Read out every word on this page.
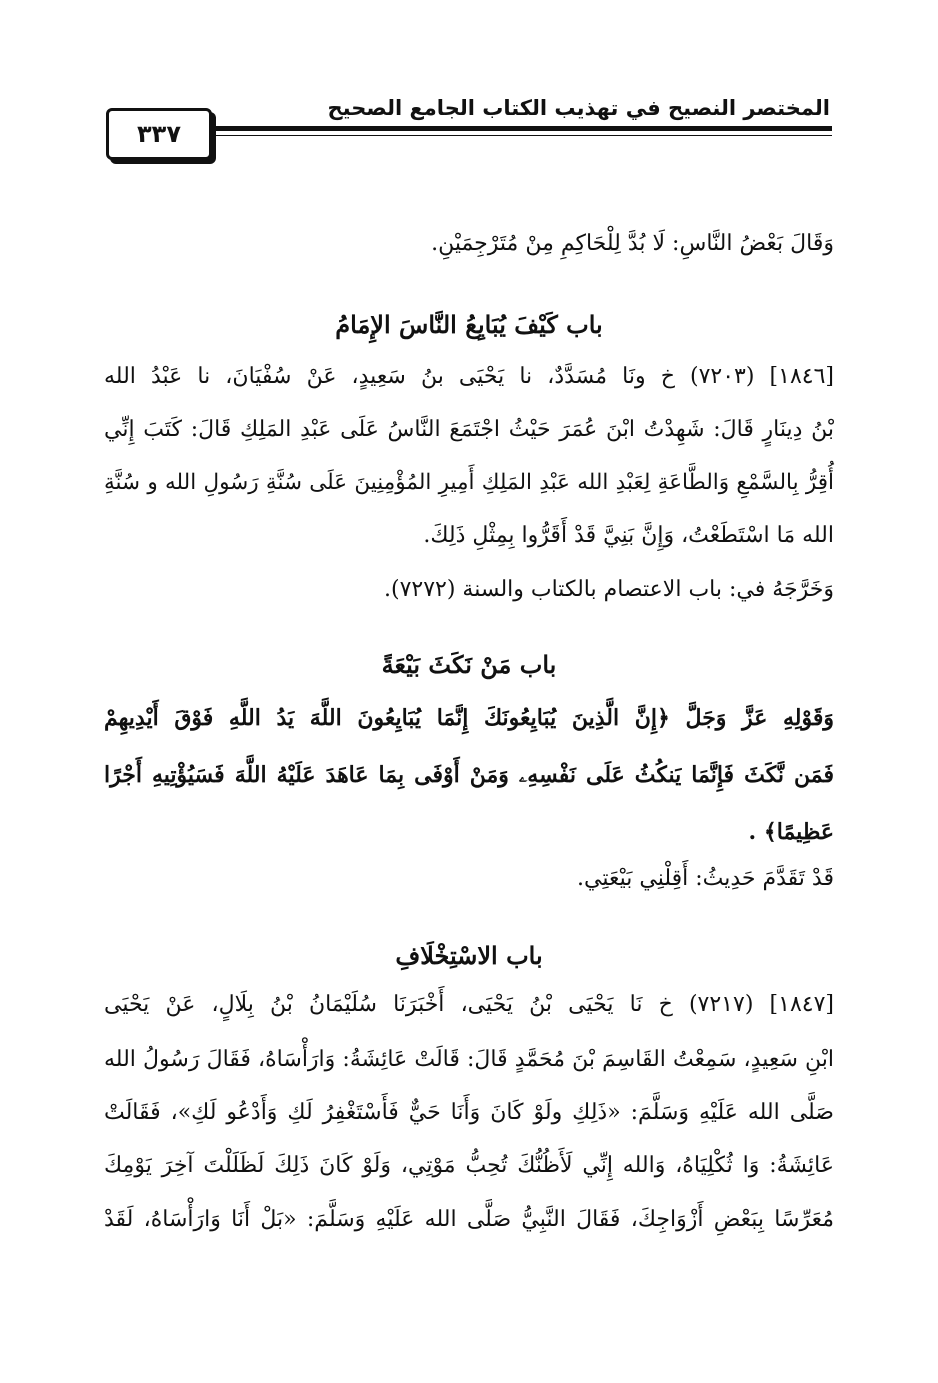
المختصر النصيح في تهذيب الكتاب الجامع الصحيح
٣٣٧
وَقَالَ بَعْضُ النَّاسِ: لَا بُدَّ لِلْحَاكِمِ مِنْ مُتَرْجِمَيْنِ.
باب كَيْفَ يُبَايِعُ النَّاسَ الإِمَامُ
[١٨٤٦] (٧٢٠٣) خ ونَا مُسَدَّدٌ، نا يَحْيَى بنُ سَعِيدٍ، عَنْ سُفْيَانَ، نا عَبْدُ الله
بْنُ دِينَارٍ قَالَ: شَهِدْتُ ابْنَ عُمَرَ حَيْثُ اجْتَمَعَ النَّاسُ عَلَى عَبْدِ المَلِكِ قَالَ: كَتَبَ إِنِّي
أُقِرُّ بِالسَّمْعِ وَالطَّاعَةِ لِعَبْدِ الله عَبْدِ المَلِكِ أَمِيرِ المُؤْمِنِينَ عَلَى سُنَّةِ رَسُولِ الله و سُنَّةِ
الله مَا اسْتَطَعْتُ، وَإِنَّ بَنِيَّ قَدْ أَقَرُّوا بِمِثْلِ ذَلِكَ.
وَخَرَّجَهُ في: باب الاعتصام بالكتاب والسنة (٧٢٧٢).
باب مَنْ نَكَثَ بَيْعَةً
وَقَوْلِهِ عَزَّ وَجَلَّ ﴿إِنَّ الَّذِينَ يُبَايِعُونَكَ إِنَّمَا يُبَايِعُونَ اللَّهَ يَدُ اللَّهِ فَوْقَ أَيْدِيهِمْ
فَمَن نَّكَثَ فَإِنَّمَا يَنكُثُ عَلَى نَفْسِهِۦ وَمَنْ أَوْفَى بِمَا عَاهَدَ عَلَيْهُ اللَّهَ فَسَيُؤْتِيهِ أَجْرًا
عَظِيمًا﴾ .
قَدْ تَقَدَّمَ حَدِيثُ: أَقِلْنِي بَيْعَتِي.
باب الاسْتِخْلَافِ
[١٨٤٧] (٧٢١٧) خ نَا يَحْيَى بْنُ يَحْيَى، أَخْبَرَنَا سُلَيْمَانُ بْنُ بِلَالٍ، عَنْ يَحْيَى
ابْنِ سَعِيدٍ، سَمِعْتُ القَاسِمَ بْنَ مُحَمَّدٍ قَالَ: قَالَتْ عَائِشَةُ: وَارَأْسَاهُ، فَقَالَ رَسُولُ الله
صَلَّى الله عَلَيْهِ وَسَلَّمَ: «ذَلِكِ ولَوْ كَانَ وَأَنَا حَيٌّ فَأَسْتَغْفِرُ لَكِ وَأَدْعُو لَكِ»، فَقَالَتْ
عَائِشَةُ: وَا ثُكْلِيَاهُ، وَالله إِنِّي لَأَظُنُّكَ تُحِبُّ مَوْتِي، وَلَوْ كَانَ ذَلِكَ لَظَلَلْتَ آخِرَ يَوْمِكَ
مُعَرِّسًا بِبَعْضِ أَزْوَاجِكَ، فَقَالَ النَّبِيُّ صَلَّى الله عَلَيْهِ وَسَلَّمَ: «بَلْ أَنَا وَارَأْسَاهُ، لَقَدْ
